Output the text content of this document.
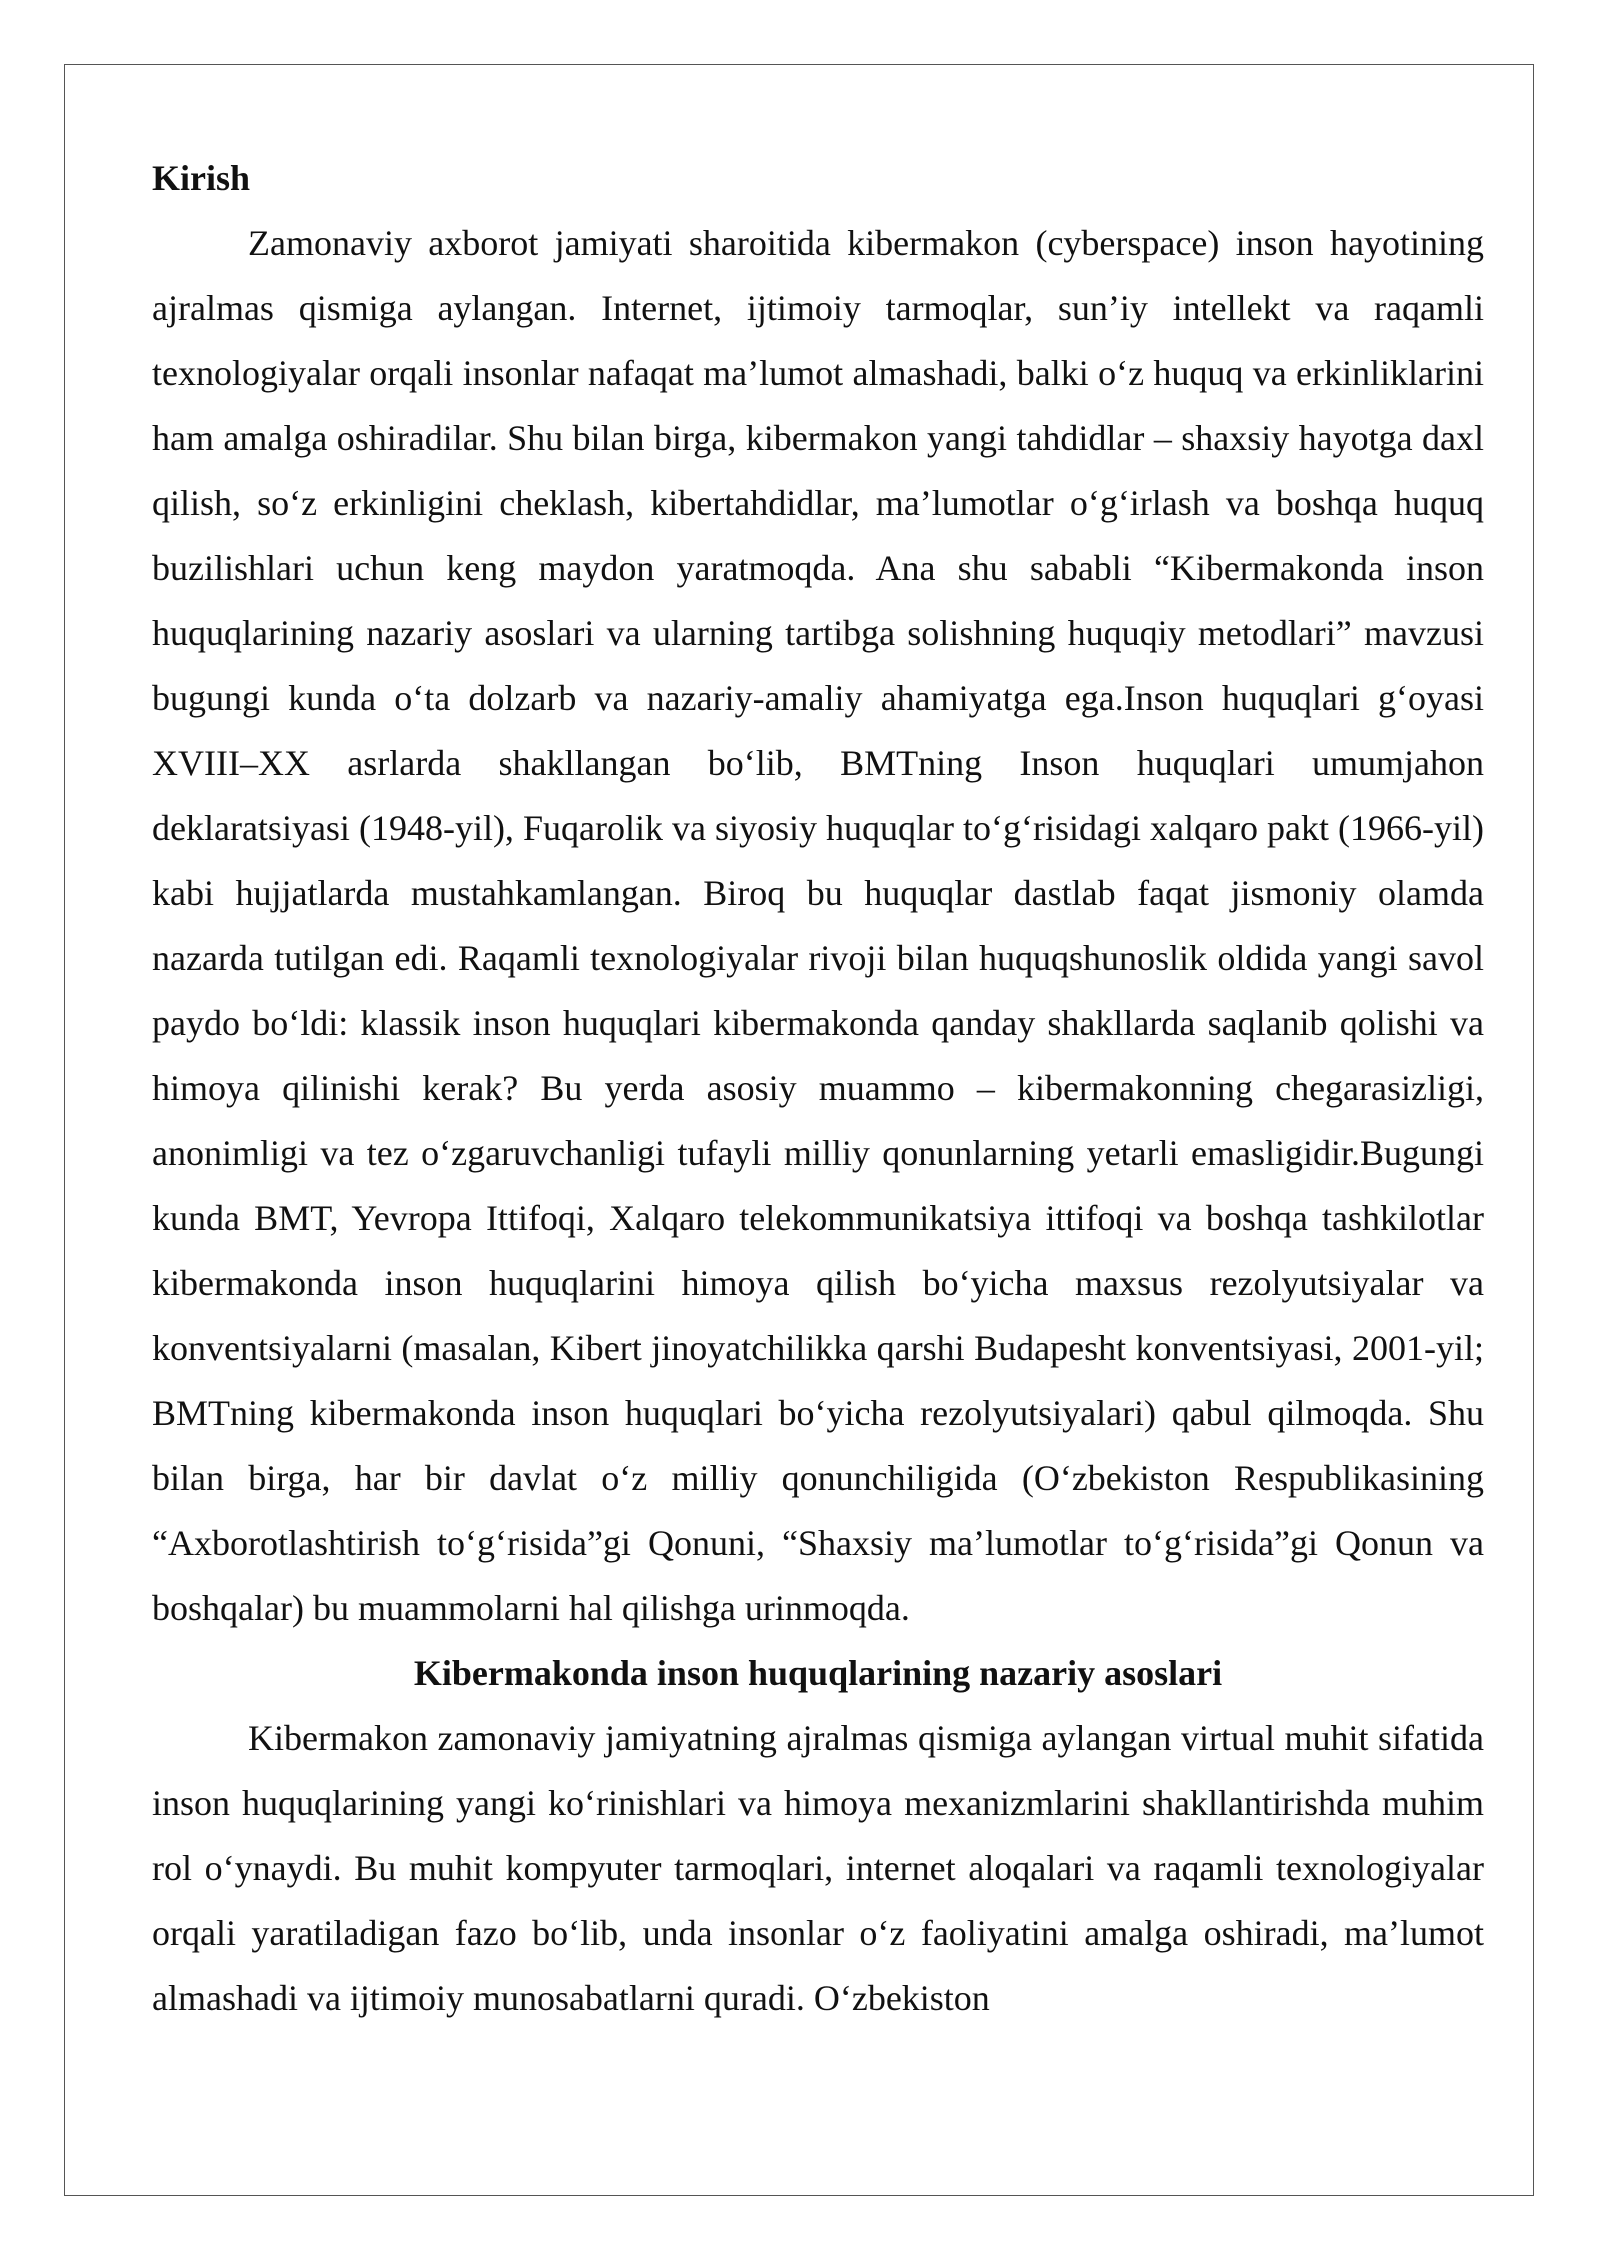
Kirish

Zamonaviy axborot jamiyati sharoitida kibermakon (cyberspace) inson hayotining ajralmas qismiga aylangan. Internet, ijtimoiy tarmoqlar, sun’iy intellekt va raqamli texnologiyalar orqali insonlar nafaqat ma’lumot almashadi, balki o‘z huquq va erkinliklarini ham amalga oshiradilar. Shu bilan birga, kibermakon yangi tahdidlar – shaxsiy hayotga daxl qilish, so‘z erkinligini cheklash, kibertahdidlar, ma’lumotlar o‘g‘irlash va boshqa huquq buzilishlari uchun keng maydon yaratmoqda. Ana shu sababli “Kibermakonda inson huquqlarining nazariy asoslari va ularning tartibga solishning huquqiy metodlari” mavzusi bugungi kunda o‘ta dolzarb va nazariy-amaliy ahamiyatga ega.Inson huquqlari g‘oyasi XVIII–XX asrlarda shakllangan bo‘lib, BMTning Inson huquqlari umumjahon deklaratsiyasi (1948-yil), Fuqarolik va siyosiy huquqlar to‘g‘risidagi xalqaro pakt (1966-yil) kabi hujjatlarda mustahkamlangan. Biroq bu huquqlar dastlab faqat jismoniy olamda nazarda tutilgan edi. Raqamli texnologiyalar rivoji bilan huquqshunoslik oldida yangi savol paydo bo‘ldi: klassik inson huquqlari kibermakonda qanday shakllarda saqlanib qolishi va himoya qilinishi kerak? Bu yerda asosiy muammo – kibermakonning chegarasizligi, anonimligi va tez o‘zgaruvchanligi tufayli milliy qonunlarning yetarli emasligidir.Bugungi kunda BMT, Yevropa Ittifoqi, Xalqaro telekommunikatsiya ittifoqi va boshqa tashkilotlar kibermakonda inson huquqlarini himoya qilish bo‘yicha maxsus rezolyutsiyalar va konventsiyalarni (masalan, Kibert jinoyatchilikka qarshi Budapesht konventsiyasi, 2001-yil; BMTning kibermakonda inson huquqlari bo‘yicha rezolyutsiyalari) qabul qilmoqda. Shu bilan birga, har bir davlat o‘z milliy qonunchiligida (O‘zbekiston Respublikasining “Axborotlashtirish to‘g‘risida”gi Qonuni, “Shaxsiy ma’lumotlar to‘g‘risida”gi Qonun va boshqalar) bu muammolarni hal qilishga urinmoqda.

Kibermakonda inson huquqlarining nazariy asoslari

Kibermakon zamonaviy jamiyatning ajralmas qismiga aylangan virtual muhit sifatida inson huquqlarining yangi ko‘rinishlari va himoya mexanizmlarini shakllantirishda muhim rol o‘ynaydi. Bu muhit kompyuter tarmoqlari, internet aloqalari va raqamli texnologiyalar orqali yaratiladigan fazo bo‘lib, unda insonlar o‘z faoliyatini amalga oshiradi, ma’lumot almashadi va ijtimoiy munosabatlarni quradi. O‘zbekiston
